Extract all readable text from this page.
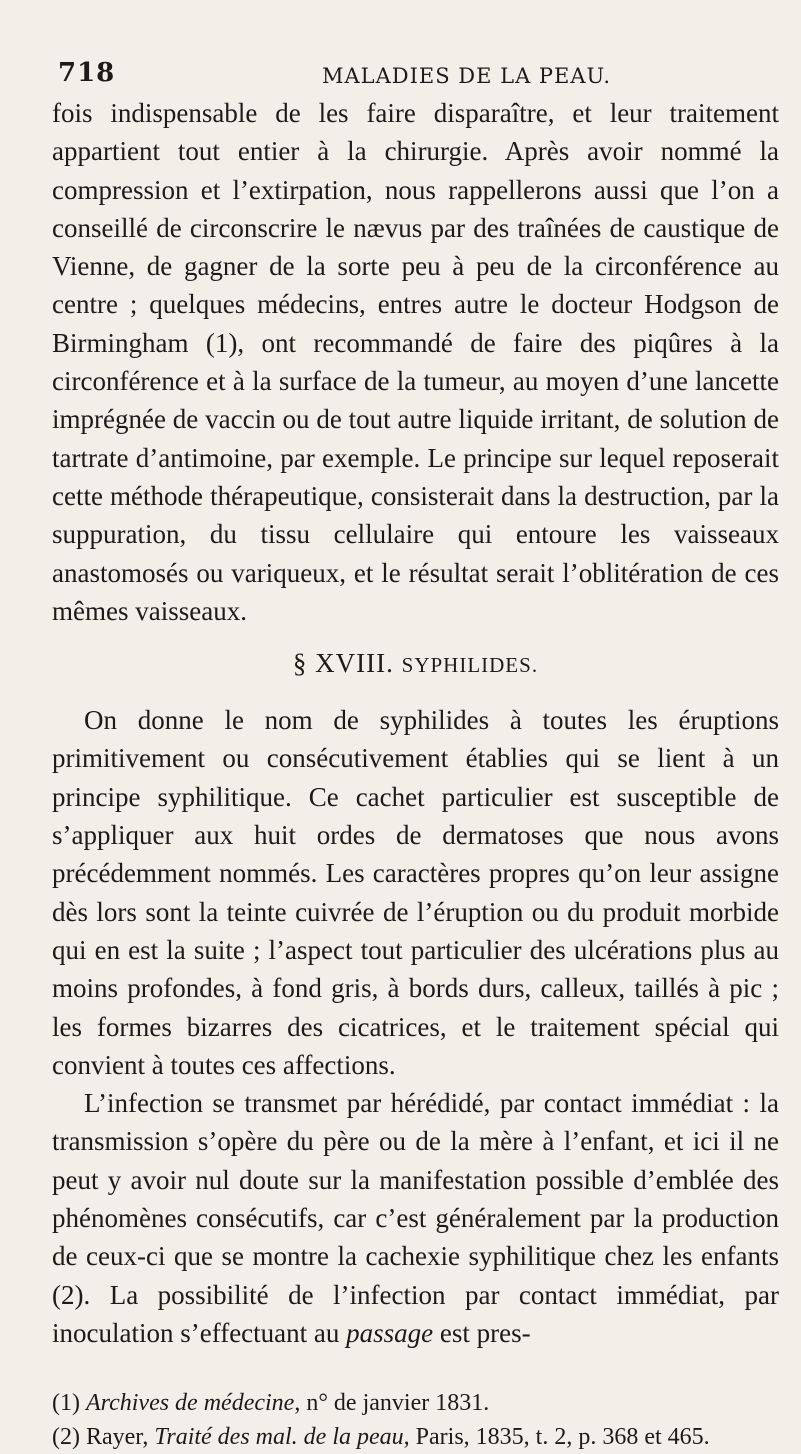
718	MALADIES DE LA PEAU.

fois indispensable de les faire disparaître, et leur traitement appartient tout entier à la chirurgie. Après avoir nommé la compression et l’extirpation, nous rappellerons aussi que l’on a conseillé de circonscrire le nævus par des traînées de caustique de Vienne, de gagner de la sorte peu à peu de la circonférence au centre ; quelques médecins, entres autre le docteur Hodgson de Birmingham (1), ont recommandé de faire des piqûres à la circonférence et à la surface de la tumeur, au moyen d’une lancette imprégnée de vaccin ou de tout autre liquide irritant, de solution de tartrate d’antimoine, par exemple. Le principe sur lequel reposerait cette méthode thérapeutique, consisterait dans la destruction, par la suppuration, du tissu cellulaire qui entoure les vaisseaux anastomosés ou variqueux, et le résultat serait l’oblitération de ces mêmes vaisseaux.

§ XVIII. SYPHILIDES.

On donne le nom de syphilides à toutes les éruptions primitivement ou consécutivement établies qui se lient à un principe syphilitique. Ce cachet particulier est susceptible de s’appliquer aux huit ordes de dermatoses que nous avons précédemment nommés. Les caractères propres qu’on leur assigne dès lors sont la teinte cuivrée de l’éruption ou du produit morbide qui en est la suite ; l’aspect tout particulier des ulcérations plus au moins profondes, à fond gris, à bords durs, calleux, taillés à pic ; les formes bizarres des cicatrices, et le traitement spécial qui convient à toutes ces affections.

L’infection se transmet par hérédidé, par contact immédiat : la transmission s’opère du père ou de la mère à l’enfant, et ici il ne peut y avoir nul doute sur la manifestation possible d’emblée des phénomènes consécutifs, car c’est généralement par la production de ceux-ci que se montre la cachexie syphilitique chez les enfants (2). La possibilité de l’infection par contact immédiat, par inoculation s’effectuant au passage est pres-

(1) Archives de médecine, n° de janvier 1831.

(2) Rayer, Traité des mal. de la peau, Paris, 1835, t. 2, p. 368 et 465.
